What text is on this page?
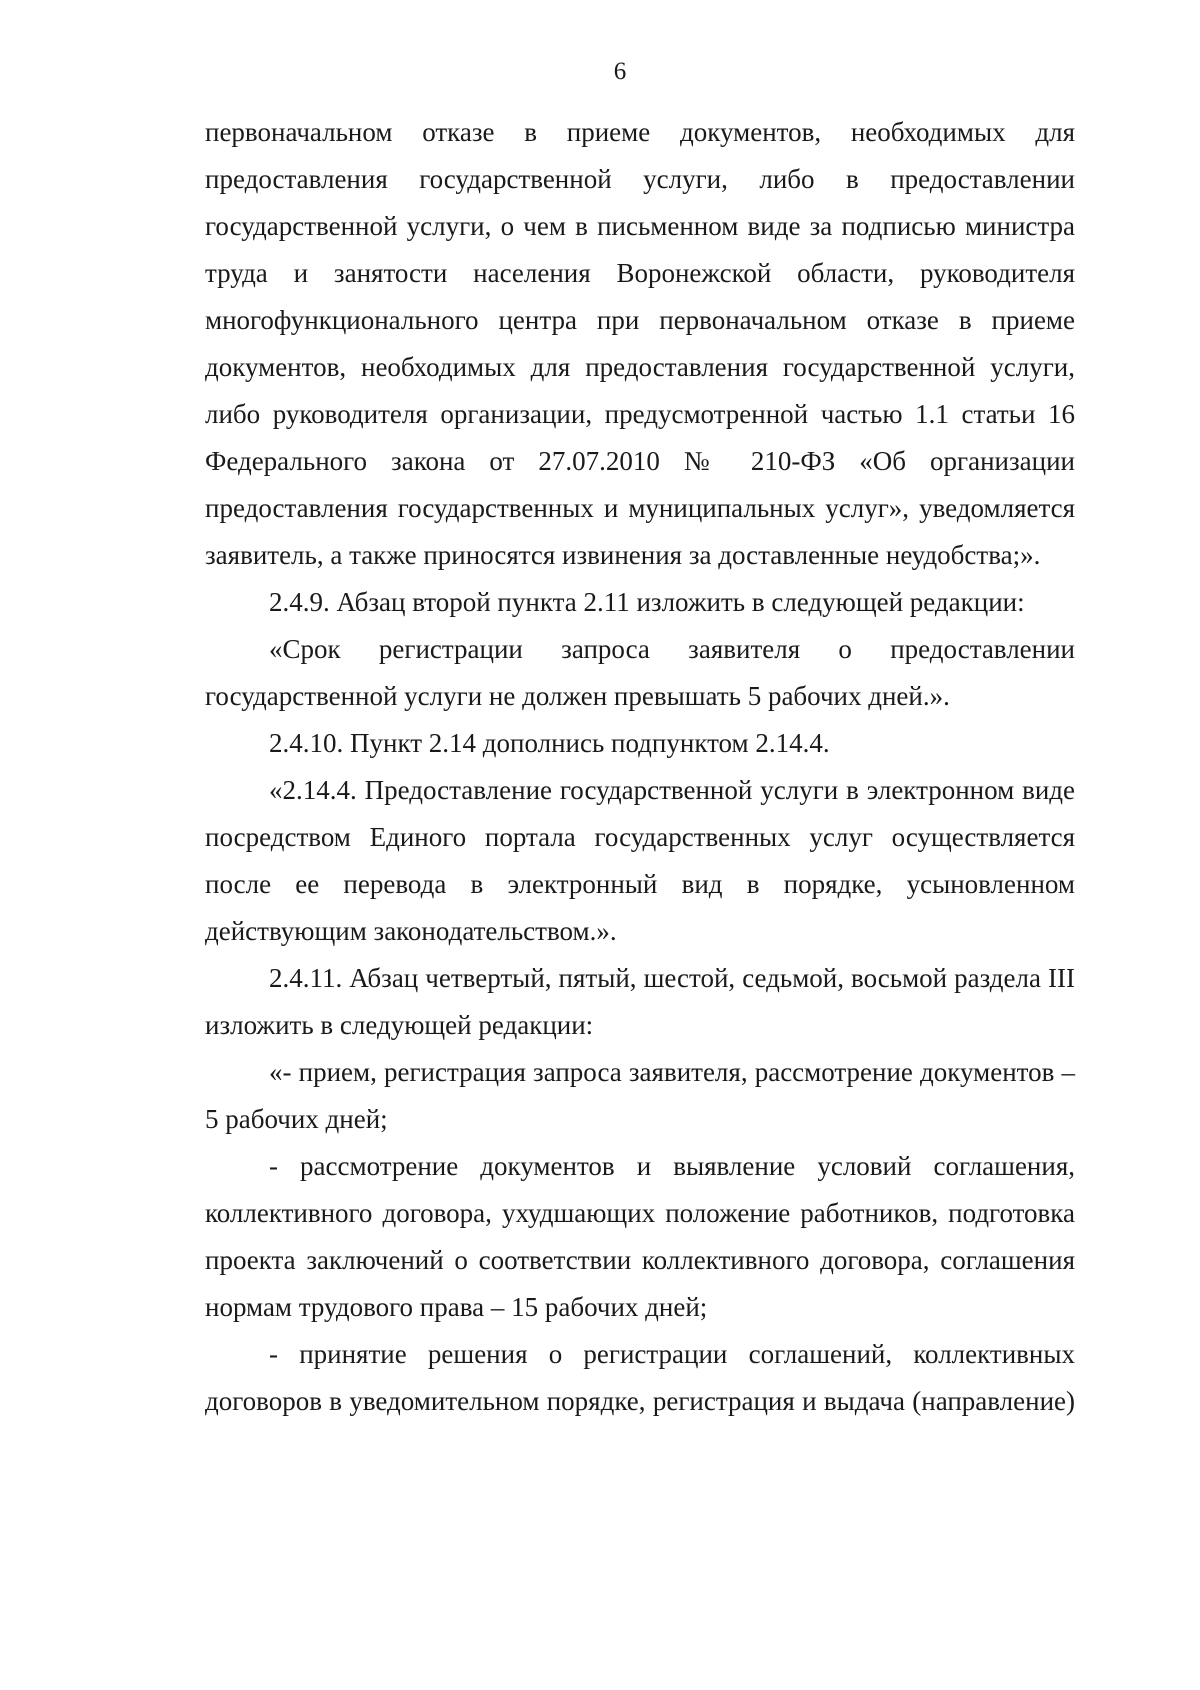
6

первоначальном отказе в приеме документов, необходимых для предоставления государственной услуги, либо в предоставлении государственной услуги, о чем в письменном виде за подписью министра труда и занятости населения Воронежской области, руководителя многофункционального центра при первоначальном отказе в приеме документов, необходимых для предоставления государственной услуги, либо руководителя организации, предусмотренной частью 1.1 статьи 16 Федерального закона от 27.07.2010 № 210-ФЗ «Об организации предоставления государственных и муниципальных услуг», уведомляется заявитель, а также приносятся извинения за доставленные неудобства;».

2.4.9. Абзац второй пункта 2.11 изложить в следующей редакции:

«Срок регистрации запроса заявителя о предоставлении государственной услуги не должен превышать 5 рабочих дней.».

2.4.10. Пункт 2.14 дополнись подпунктом 2.14.4.

«2.14.4. Предоставление государственной услуги в электронном виде посредством Единого портала государственных услуг осуществляется после ее перевода в электронный вид в порядке, усыновленном действующим законодательством.».

2.4.11. Абзац четвертый, пятый, шестой, седьмой, восьмой раздела III изложить в следующей редакции:

«- прием, регистрация запроса заявителя, рассмотрение документов – 5 рабочих дней;

- рассмотрение документов и выявление условий соглашения, коллективного договора, ухудшающих положение работников, подготовка проекта заключений о соответствии коллективного договора, соглашения нормам трудового права – 15 рабочих дней;

- принятие решения о регистрации соглашений, коллективных договоров в уведомительном порядке, регистрация и выдача (направление)
